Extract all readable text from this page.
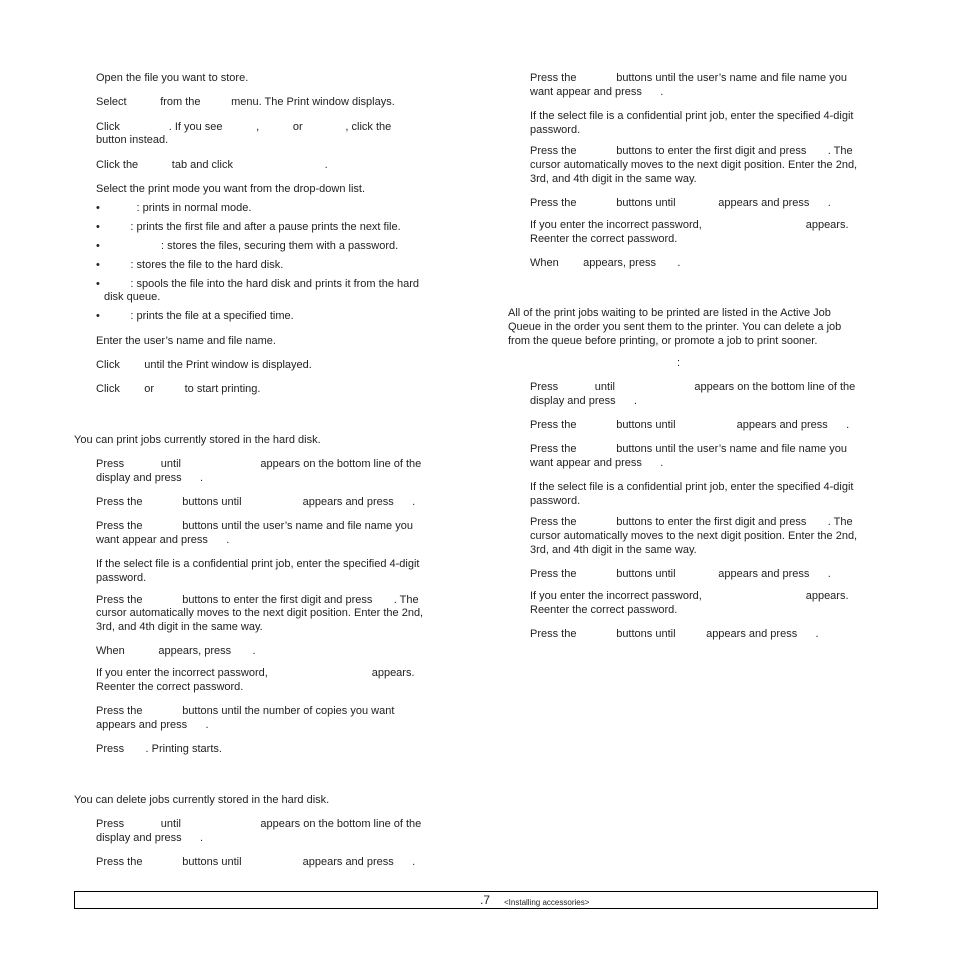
Open the file you want to store.

Select           from the          menu. The Print window displays.

Click                . If you see           ,           or              , click the

button instead.

Click the           tab and click                              .

Select the print mode you want from the drop-down list.

•            : prints in normal mode.

•          : prints the first file and after a pause prints the next file.

•                    : stores the files, securing them with a password.

•          : stores the file to the hard disk.

•          : spools the file into the hard disk and prints it from the hard

disk queue.

•          : prints the file at a specified time.

Enter the user’s name and file name.

Click        until the Print window is displayed.

Click        or          to start printing.

You can print jobs currently stored in the hard disk.

Press            until                          appears on the bottom line of the

display and press      .

Press the             buttons until                    appears and press      .

Press the             buttons until the user’s name and file name you

want appear and press      .

If the select file is a confidential print job, enter the specified 4-digit

password.

Press the             buttons to enter the first digit and press       . The

cursor automatically moves to the next digit position. Enter the 2nd,

3rd, and 4th digit in the same way.

When           appears, press       .

If you enter the incorrect password,                                  appears.

Reenter the correct password.

Press the             buttons until the number of copies you want

appears and press      .

Press       . Printing starts.

You can delete jobs currently stored in the hard disk.

Press            until                          appears on the bottom line of the

display and press      .

Press the             buttons until                    appears and press      .

Press the             buttons until the user’s name and file name you

want appear and press      .

If the select file is a confidential print job, enter the specified 4-digit

password.

Press the             buttons to enter the first digit and press       . The

cursor automatically moves to the next digit position. Enter the 2nd,

3rd, and 4th digit in the same way.

Press the             buttons until              appears and press      .

If you enter the incorrect password,                                  appears.

Reenter the correct password.

When        appears, press       .

All of the print jobs waiting to be printed are listed in the Active Job

Queue in the order you sent them to the printer. You can delete a job

from the queue before printing, or promote a job to print sooner.

:

Press            until                          appears on the bottom line of the

display and press      .

Press the             buttons until                    appears and press      .

Press the             buttons until the user’s name and file name you

want appear and press      .

If the select file is a confidential print job, enter the specified 4-digit

password.

Press the             buttons to enter the first digit and press       . The

cursor automatically moves to the next digit position. Enter the 2nd,

3rd, and 4th digit in the same way.

Press the             buttons until              appears and press      .

If you enter the incorrect password,                                  appears.

Reenter the correct password.

Press the             buttons until          appears and press      .

.7 <Installing accessories>
